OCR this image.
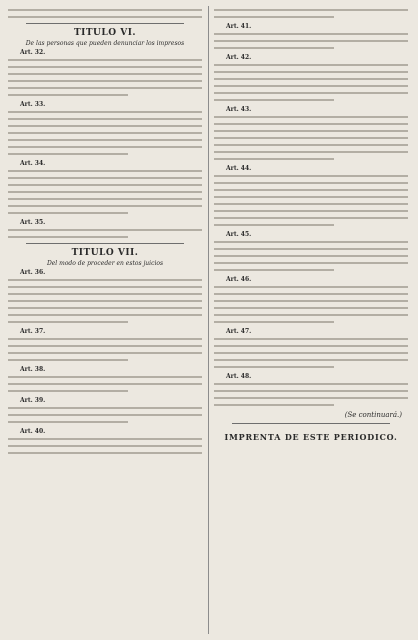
TITULO VI.

De las personas que pueden denunciar los impresos

Art. 32.
Art. 33.
Art. 34.
Art. 35.

TITULO VII.

Del modo de proceder en estos juicios

Art. 36.
Art. 37.
Art. 38.
Art. 39.
Art. 40.
Art. 41.
Art. 42.
Art. 43.
Art. 44.
Art. 45.
Art. 46.
Art. 47.
Art. 48.
(Se continuará.)
IMPRENTA DE ESTE PERIODICO.
